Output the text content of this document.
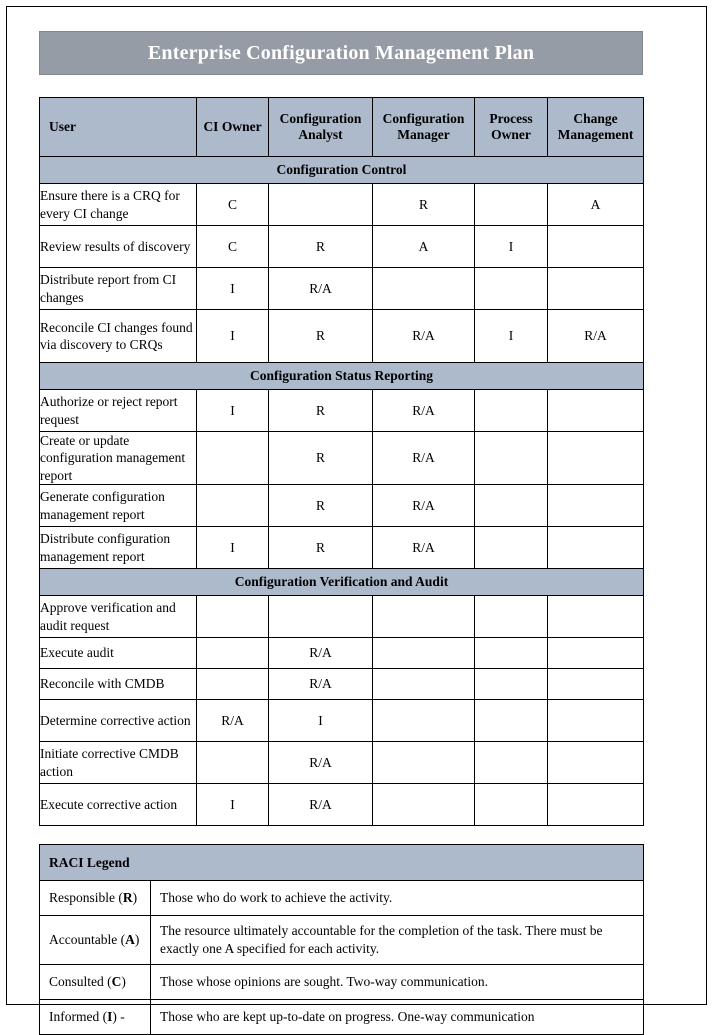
Enterprise Configuration Management Plan
User	CI Owner	Configuration Analyst	Configuration Manager	Process Owner	Change Management
Configuration Control					
Ensure there is a CRQ for every CI change	C		R		A
Review results of discovery	C	R	A	I	
Distribute report from CI changes	I	R/A			
Reconcile CI changes found via discovery to CRQs	I	R	R/A	I	R/A
Configuration Status Reporting					
Authorize or reject report request	I	R	R/A		
Create or update configuration management report		R	R/A		
Generate configuration management report		R	R/A		
Distribute configuration management report	I	R	R/A		
Configuration Verification and Audit					
Approve verification and audit request					
Execute audit		R/A			
Reconcile with CMDB		R/A			
Determine corrective action	R/A	I			
Initiate corrective CMDB action		R/A			
Execute corrective action	I	R/A			
RACI Legend	
Responsible (R)	Those who do work to achieve the activity.
Accountable (A)	The resource ultimately accountable for the completion of the task. There must be exactly one A specified for each activity.
Consulted (C)	Those whose opinions are sought. Two-way communication.
Informed (I) -	Those who are kept up-to-date on progress. One-way communication
